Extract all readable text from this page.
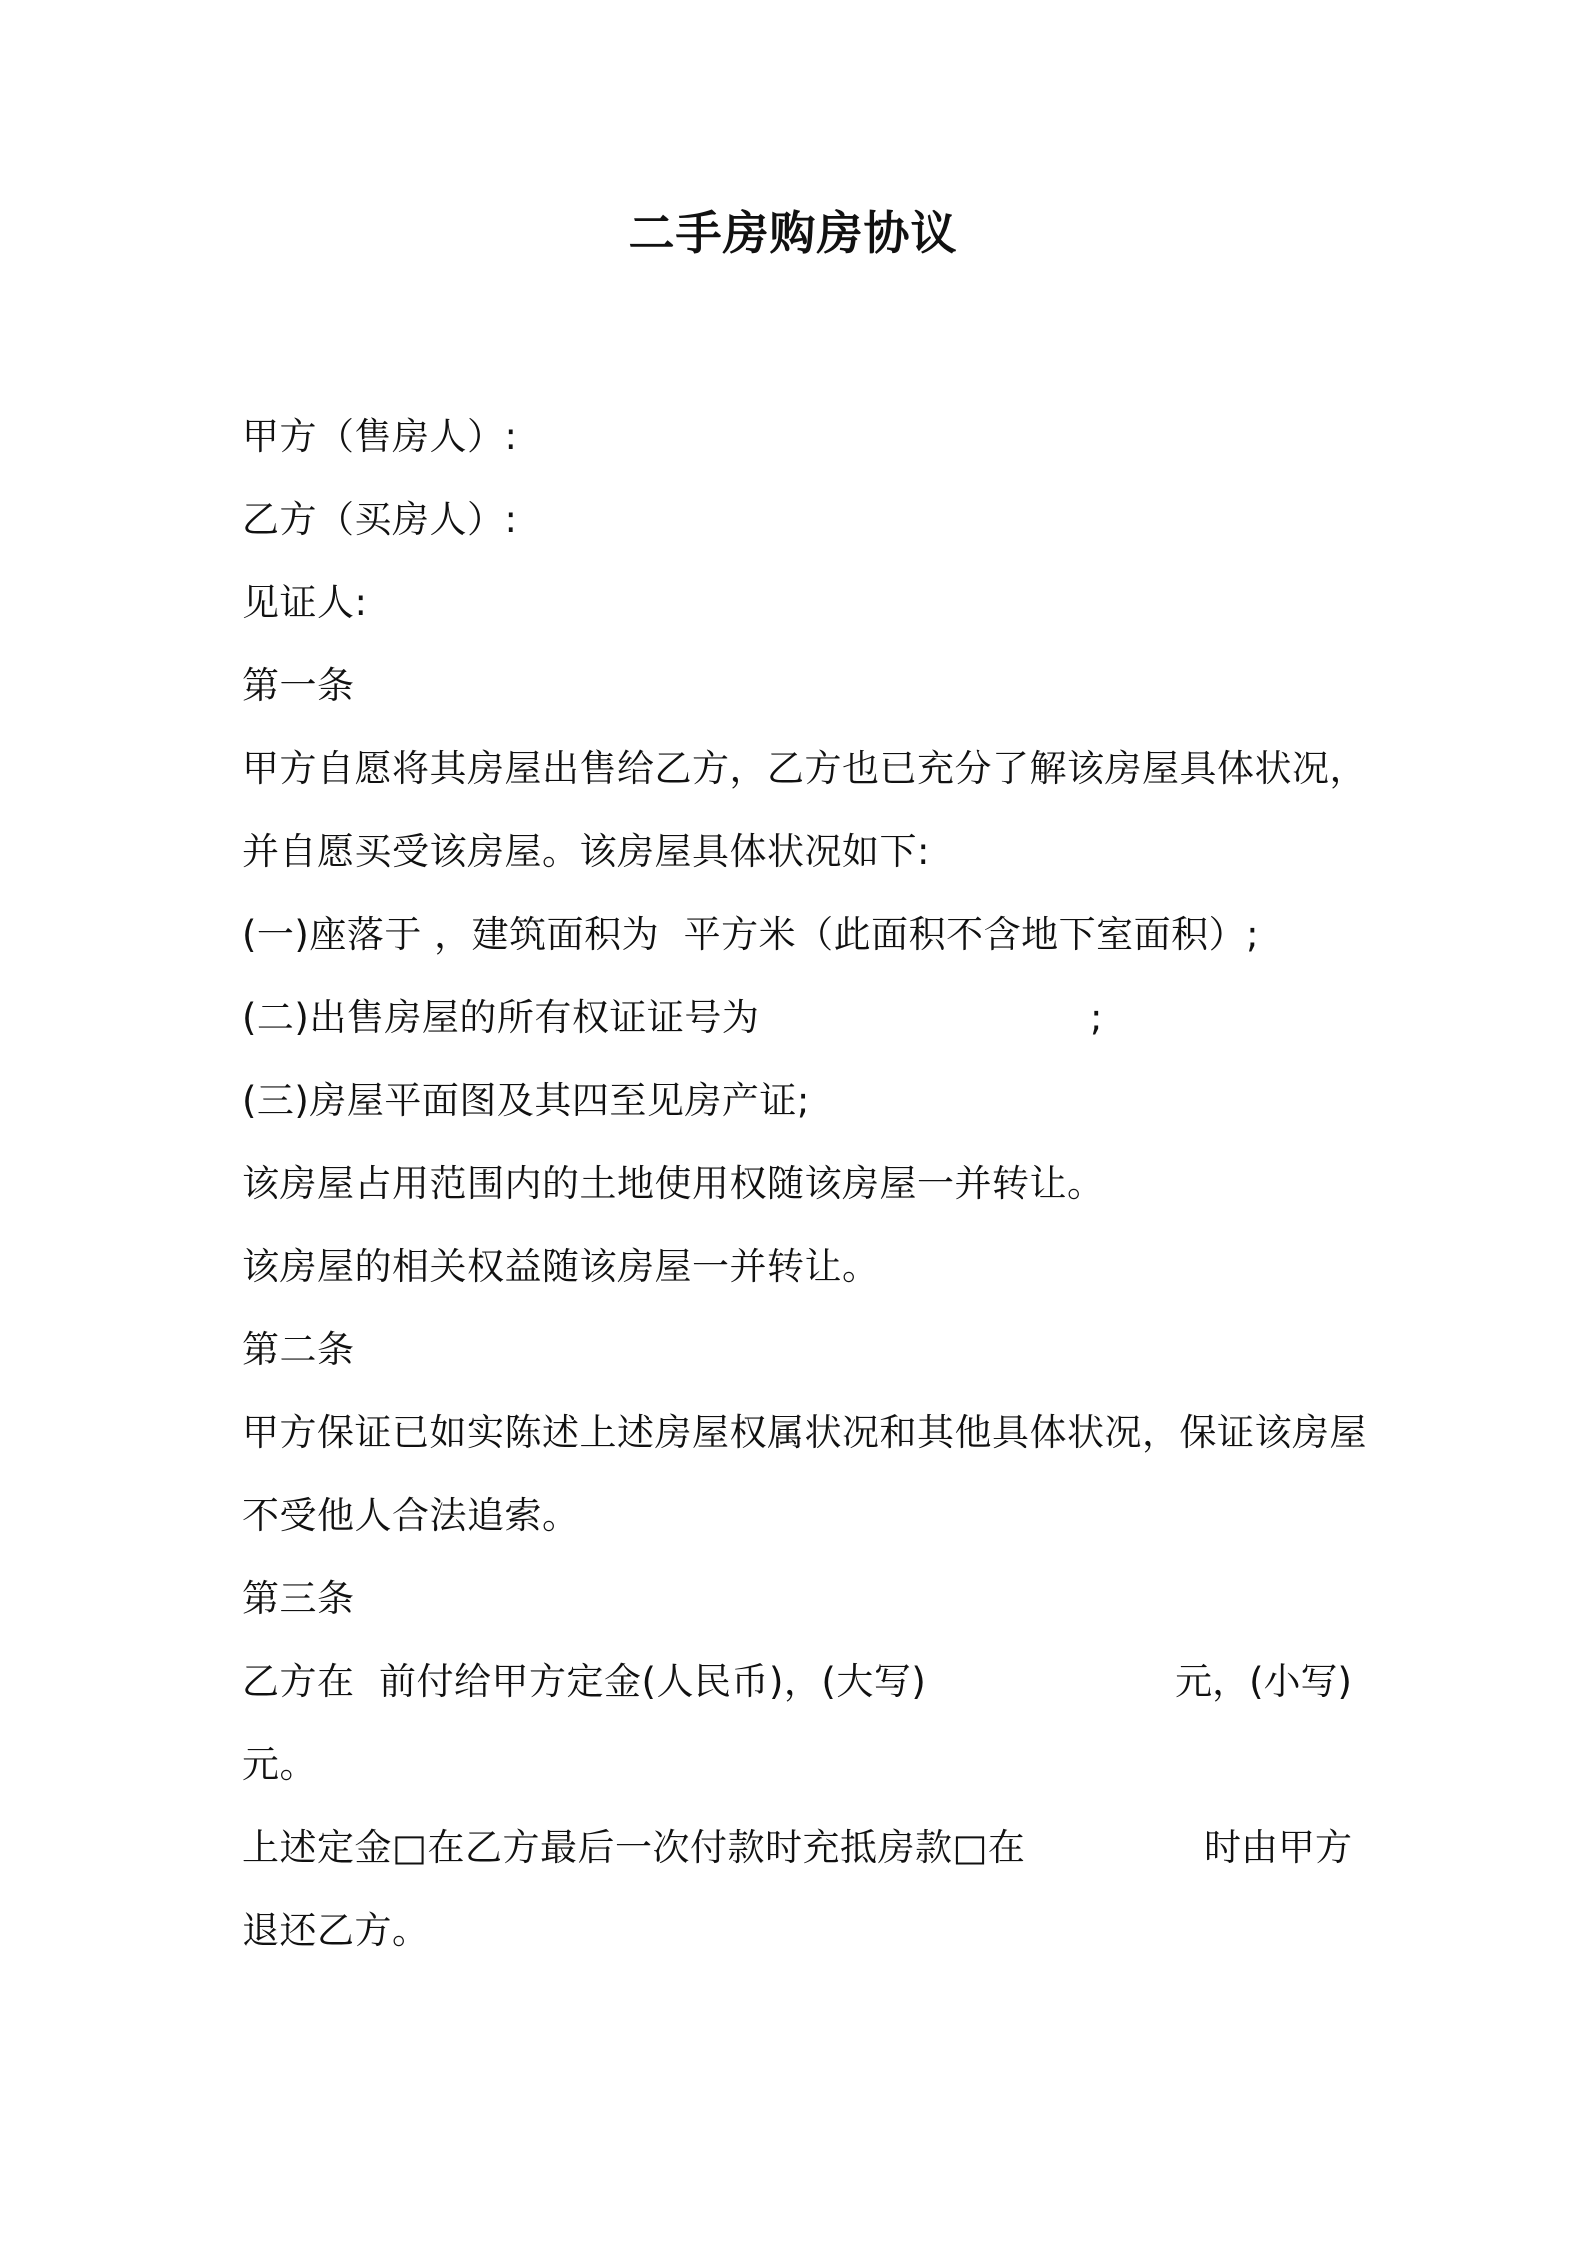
二手房购房协议
甲方（售房人）:
乙方（买房人）:
见证人:
第一条
甲方自愿将其房屋出售给乙方，乙方也已充分了解该房屋具体状况，
并自愿买受该房屋。该房屋具体状况如下:
(一)座落于 ，建筑面积为  平方米（此面积不含地下室面积）;
(二)出售房屋的所有权证证号为	;
(三)房屋平面图及其四至见房产证;
该房屋占用范围内的土地使用权随该房屋一并转让。
该房屋的相关权益随该房屋一并转让。
第二条
甲方保证已如实陈述上述房屋权属状况和其他具体状况，保证该房屋
不受他人合法追索。
第三条
乙方在  前付给甲方定金(人民币)，(大写)	元，(小写)
元。
上述定金□在乙方最后一次付款时充抵房款□在	时由甲方
退还乙方。
